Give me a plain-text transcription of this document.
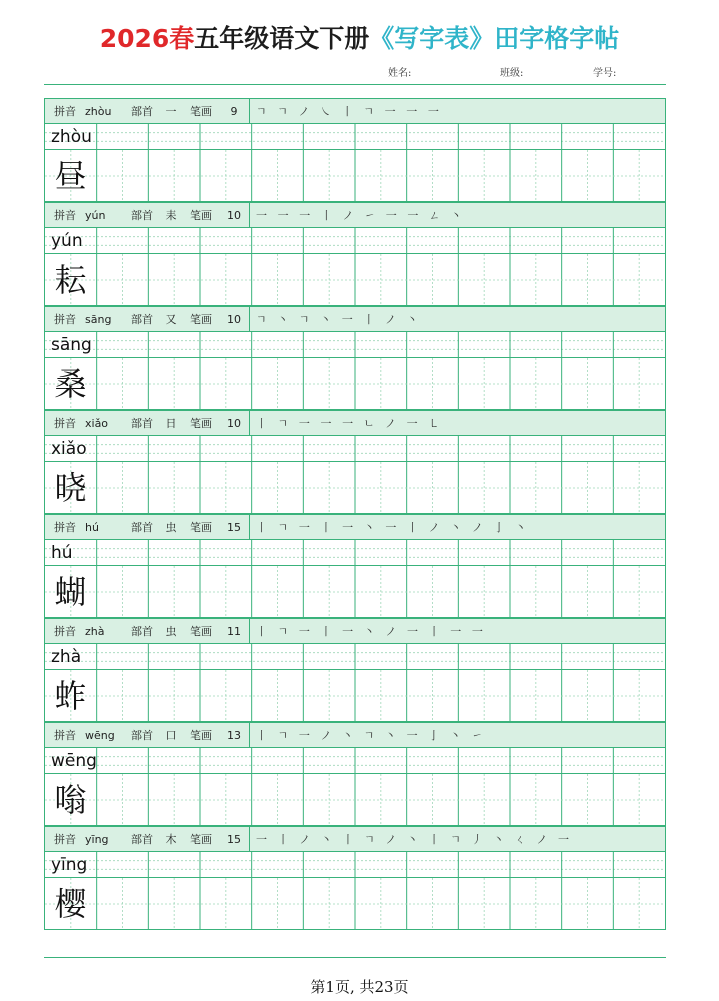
2026春五年级语文下册《写字表》田字格字帖
姓名:	班级:	学号:
拼音 zhòu	部首	一	笔画	9	ㄱ ㄱ ノ ㇏ 丨 ㄱ 一 一 一
zhòu
昼
拼音 yún	部首	耒	笔画	10	一 一 一 丨 ノ ㇀ 一 一 ㄥ 丶
yún
耘
拼音 sāng	部首	又	笔画	10	ㄱ 丶 ㄱ 丶 一 丨 ノ 丶
sāng
桑
拼音 xiǎo	部首	日	笔画	10	丨 ㄱ 一 一 一 ㄴ ノ 一 ㇄
xiǎo
晓
拼音 hú	部首	虫	笔画	15	丨 ㄱ 一 丨 一 丶 一 丨 ノ 丶 ノ 亅 丶
hú
蝴
拼音 zhà	部首	虫	笔画	11	丨 ㄱ 一 丨 一 丶 ノ 一 丨 一 一
zhà
蚱
拼音 wēng	部首	口	笔画	13	丨 ㄱ 一 ノ 丶 ㄱ 丶 一 亅 丶 ㇀
wēng
嗡
拼音 yīng	部首	木	笔画	15	一 丨 ノ 丶 丨 ㄱ ノ 丶 丨 ㄱ 丿 丶 ㄑ ノ 一
yīng
樱
第1页, 共23页
